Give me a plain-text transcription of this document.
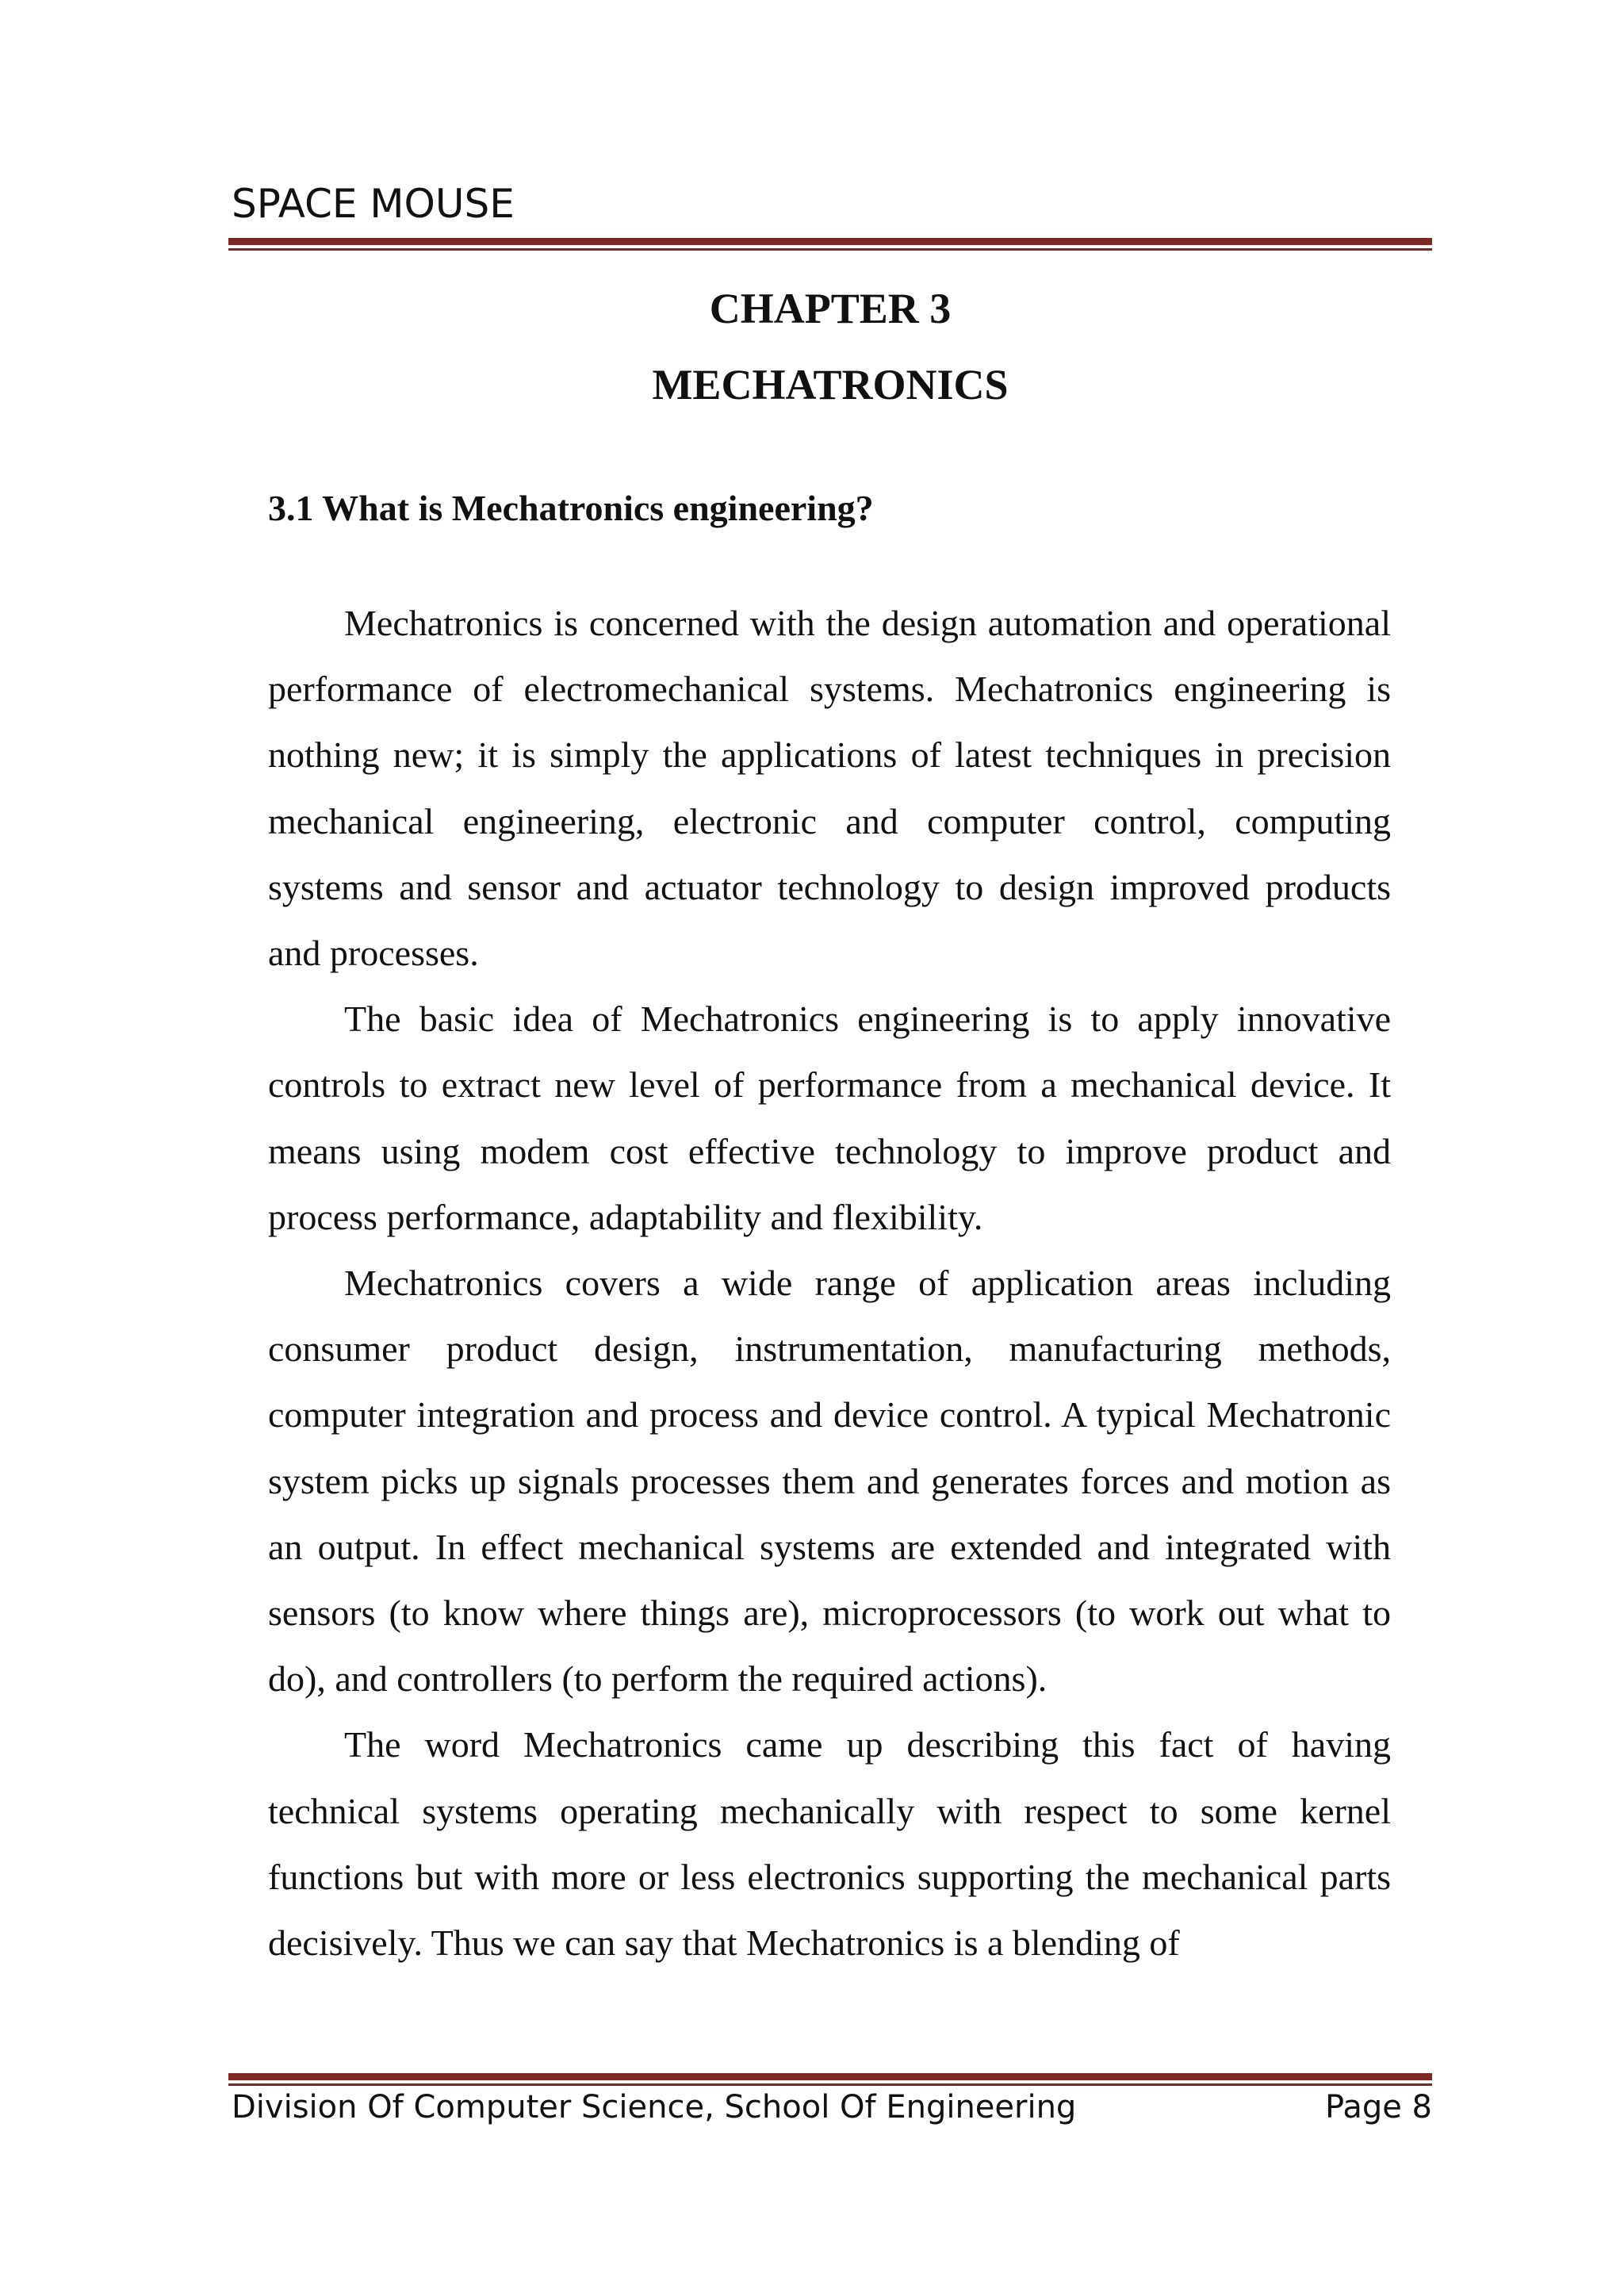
SPACE MOUSE
CHAPTER 3
MECHATRONICS
3.1 What is Mechatronics engineering?

Mechatronics is concerned with the design automation and operational performance of electromechanical systems. Mechatronics engineering is nothing new; it is simply the applications of latest techniques in precision mechanical engineering, electronic and computer control, computing systems and sensor and actuator technology to design improved products and processes.

The basic idea of Mechatronics engineering is to apply innovative controls to extract new level of performance from a mechanical device. It means using modem cost effective technology to improve product and process performance, adaptability and flexibility.

Mechatronics covers a wide range of application areas including consumer product design, instrumentation, manufacturing methods, computer integration and process and device control. A typical Mechatronic system picks up signals processes them and generates forces and motion as an output. In effect mechanical systems are extended and integrated with sensors (to know where things are), microprocessors (to work out what to do), and controllers (to perform the required actions).

The word Mechatronics came up describing this fact of having technical systems operating mechanically with respect to some kernel functions but with more or less electronics supporting the mechanical parts decisively. Thus we can say that Mechatronics is a blending of

Division Of Computer Science, School Of Engineering	Page 8
